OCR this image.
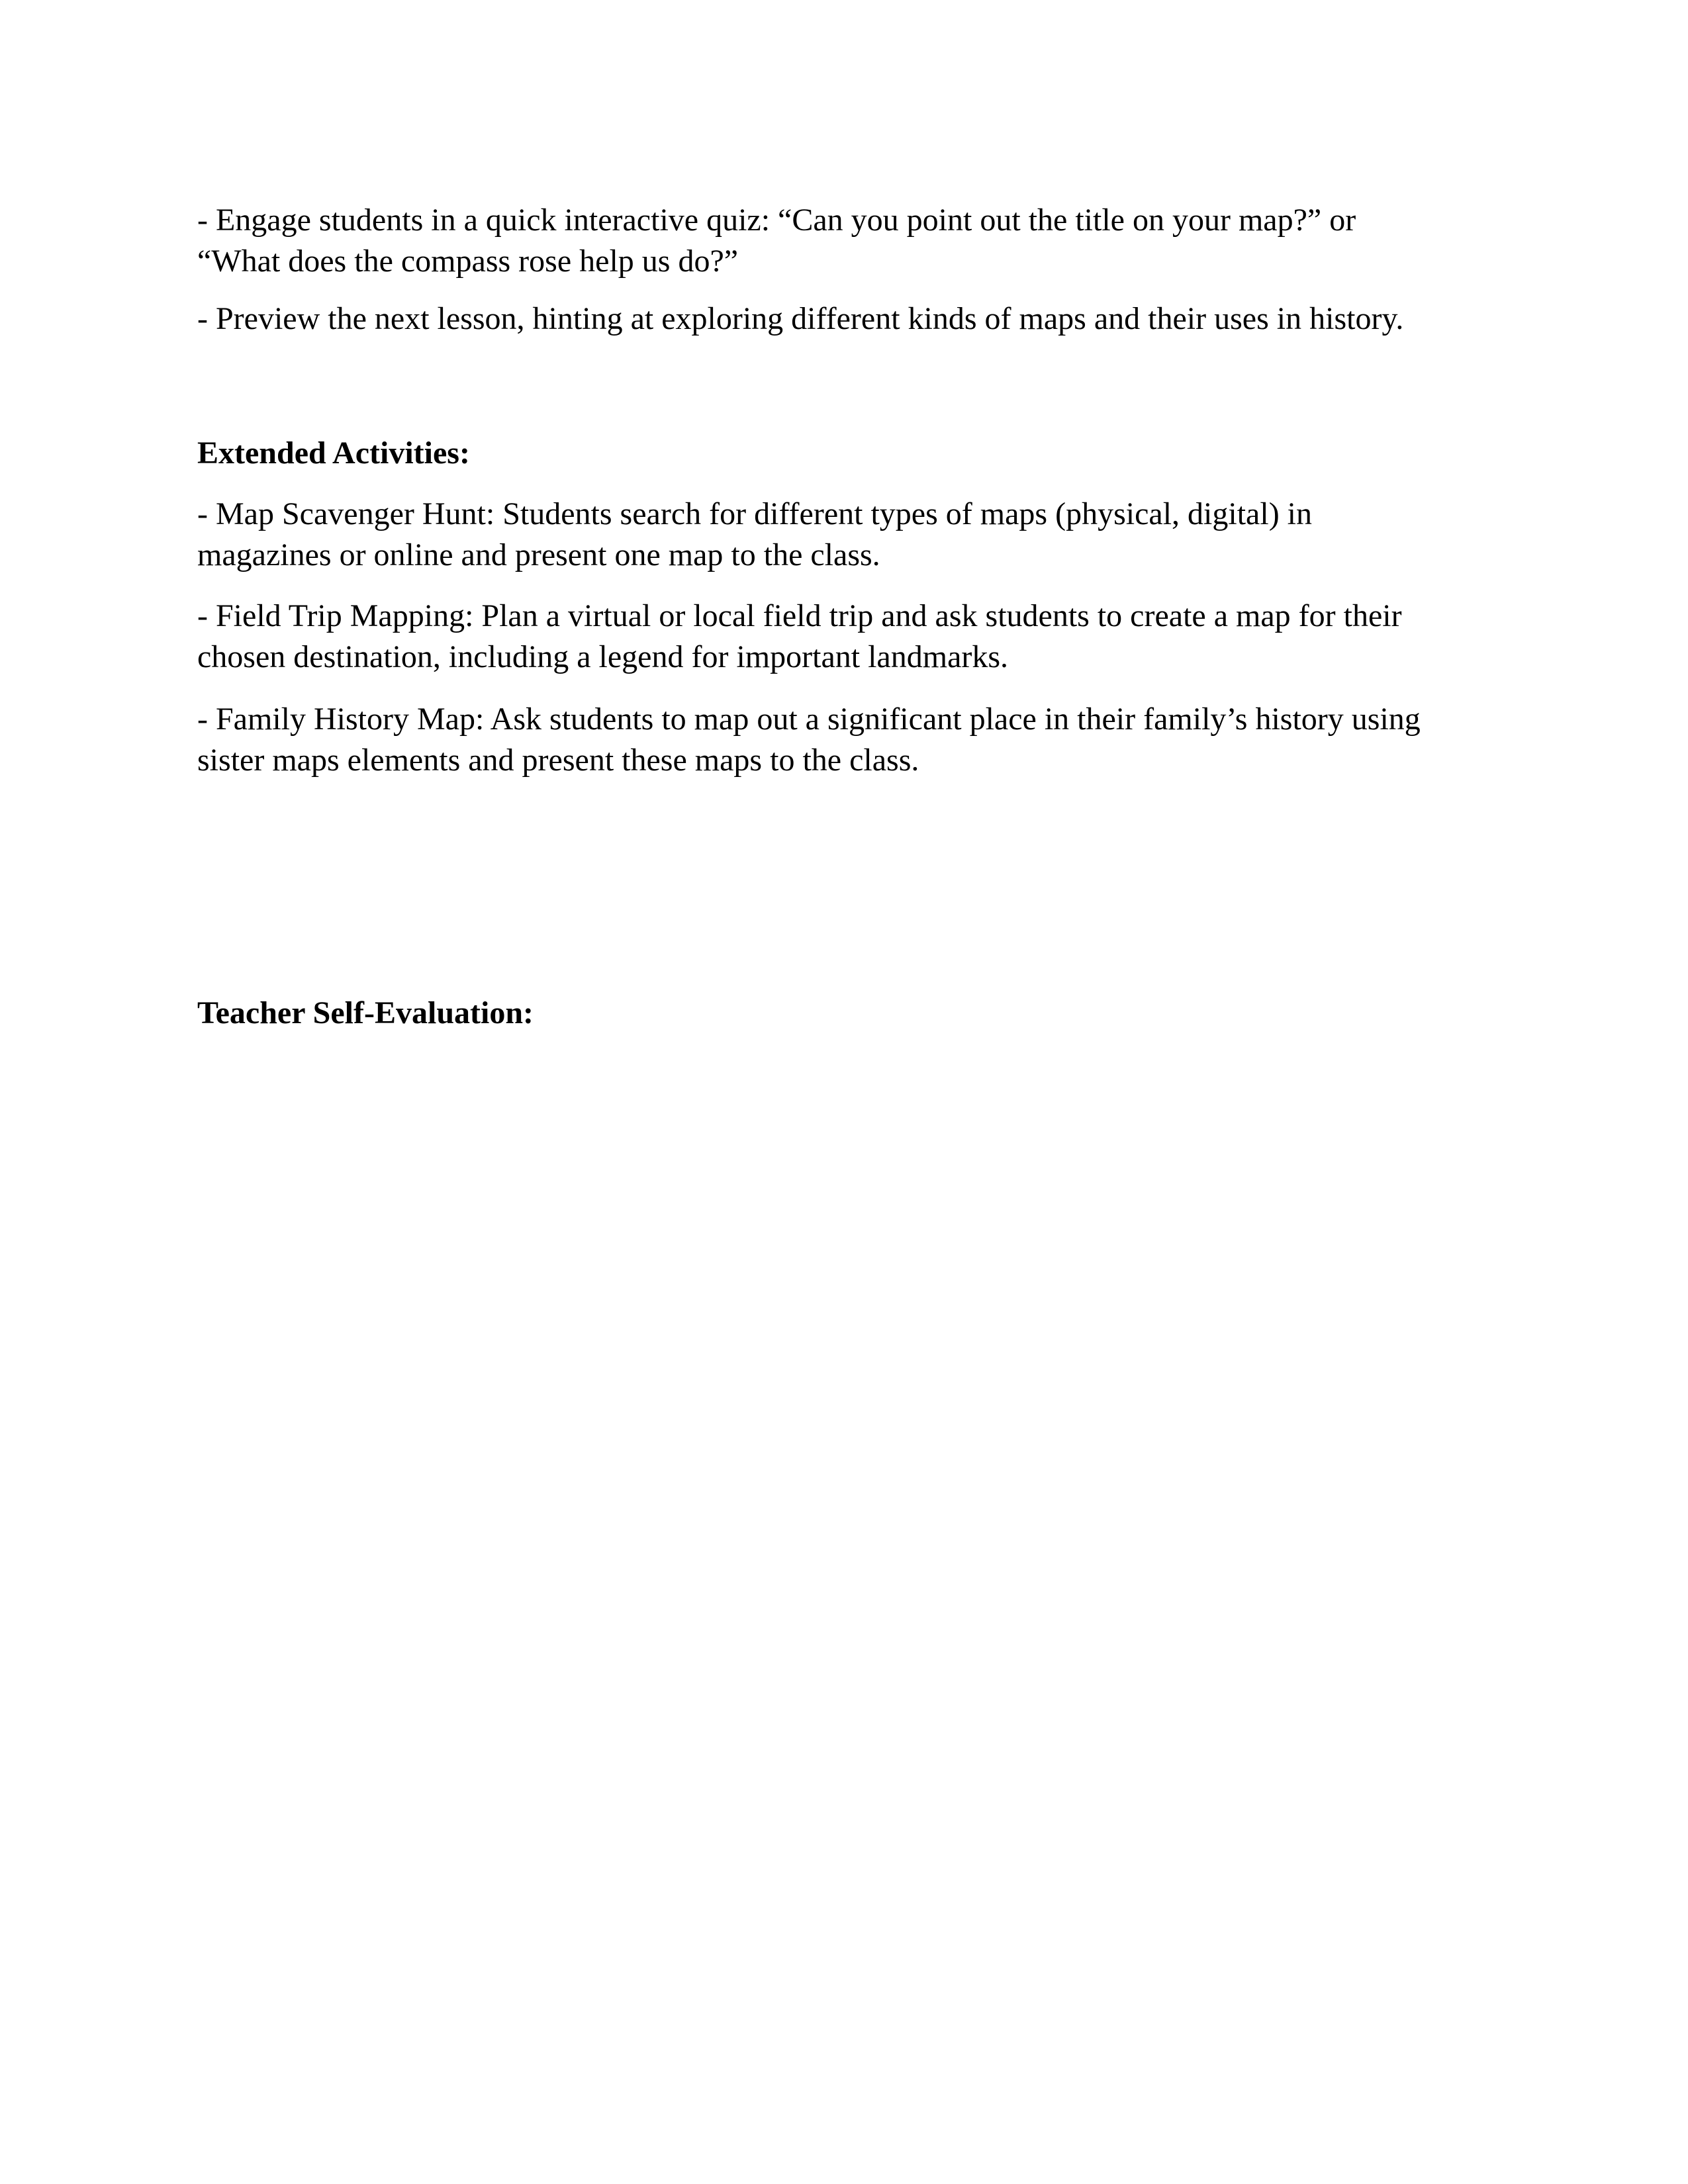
- Engage students in a quick interactive quiz: “Can you point out the title on your map?” or
“What does the compass rose help us do?”

- Preview the next lesson, hinting at exploring different kinds of maps and their uses in history.

Extended Activities:

- Map Scavenger Hunt: Students search for different types of maps (physical, digital) in
magazines or online and present one map to the class.

- Field Trip Mapping: Plan a virtual or local field trip and ask students to create a map for their
chosen destination, including a legend for important landmarks.

- Family History Map: Ask students to map out a significant place in their family’s history using
sister maps elements and present these maps to the class.

Teacher Self-Evaluation:
